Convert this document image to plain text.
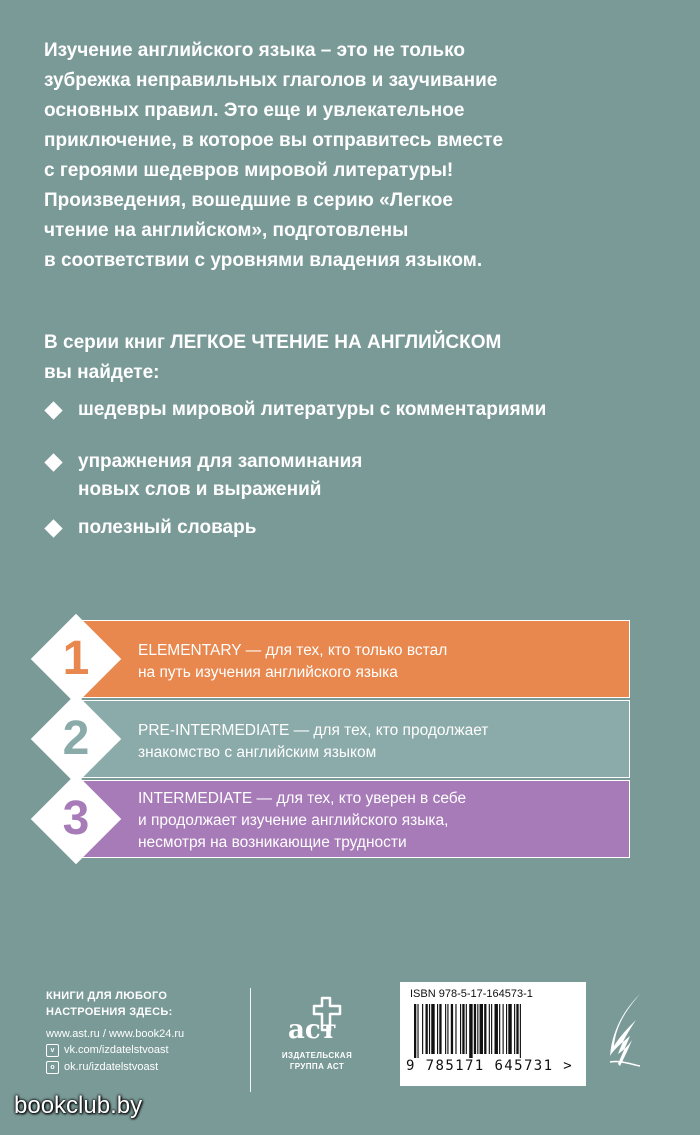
Изучение английского языка – это не только
зубрежка неправильных глаголов и заучивание
основных правил. Это еще и увлекательное
приключение, в которое вы отправитесь вместе
с героями шедевров мировой литературы!
Произведения, вошедшие в серию «Легкое
чтение на английском», подготовлены
в соответствии с уровнями владения языком.
В серии книг ЛЕГКОЕ ЧТЕНИЕ НА АНГЛИЙСКОМ
вы найдете:
шедевры мировой литературы с комментариями
упражнения для запоминания
новых слов и выражений
полезный словарь
1
2
3
ELEMENTARY — для тех, кто только встал
на путь изучения английского языка
PRE-INTERMEDIATE — для тех, кто продолжает
знакомство с английским языком
INTERMEDIATE — для тех, кто уверен в себе
и продолжает изучение английского языка,
несмотря на возникающие трудности
КНИГИ ДЛЯ ЛЮБОГО
НАСТРОЕНИЯ ЗДЕСЬ:
www.ast.ru / www.book24.ru
v vk.com/izdatelstvoast
o ok.ru/izdatelstvoast
аст
ИЗДАТЕЛЬСКАЯ
ГРУППА АСТ
ISBN 978-5-17-164573-1
9 785171 645731 >
bookclub.by
